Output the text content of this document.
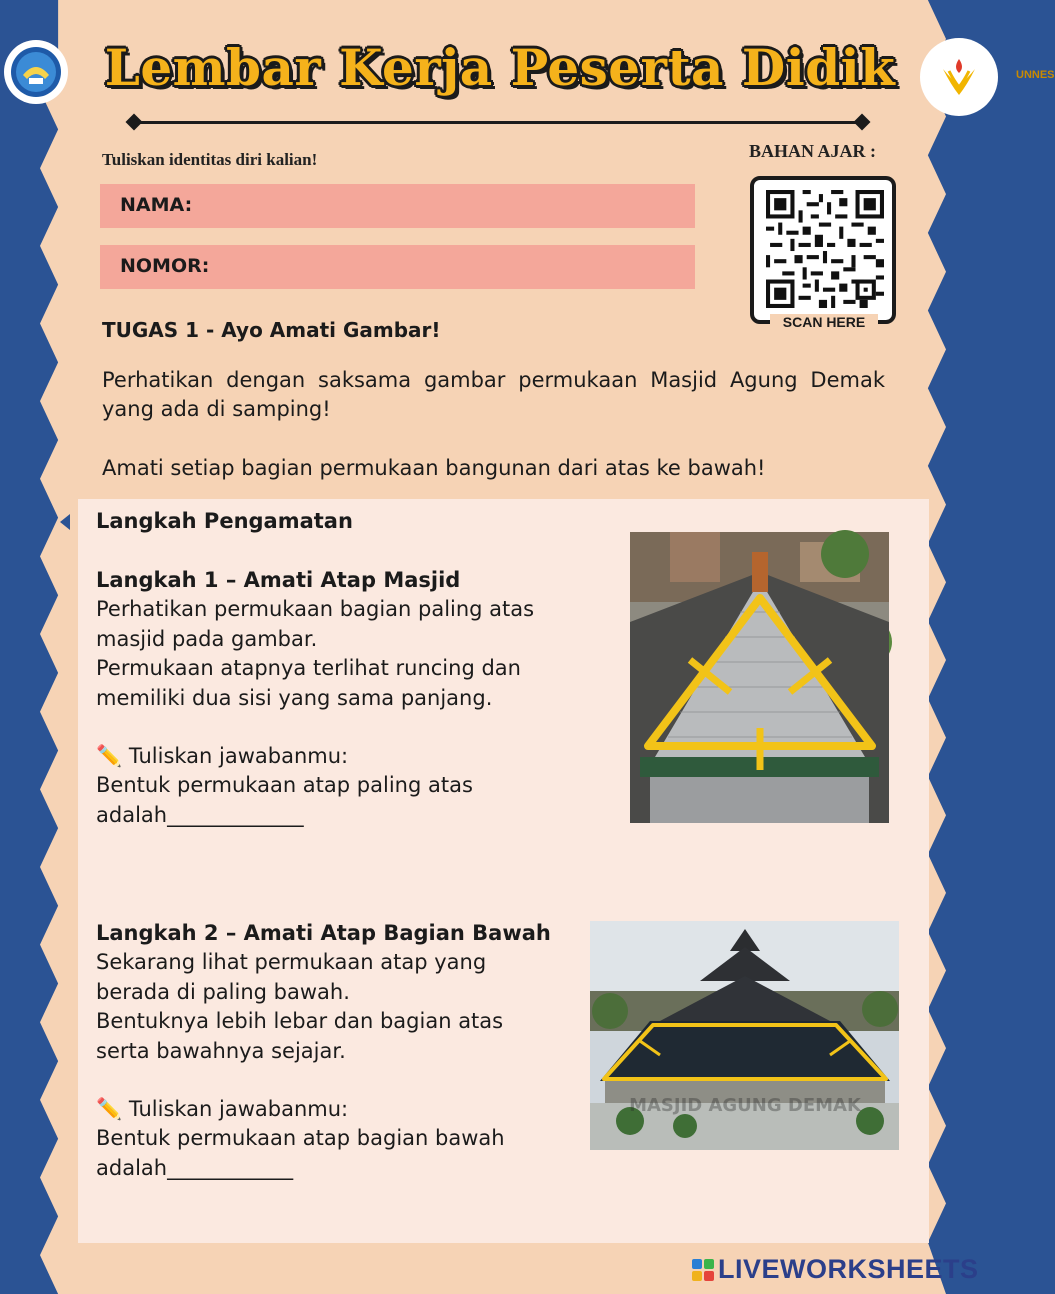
UNNES
Lembar Kerja Peserta Didik
Tuliskan identitas diri kalian!
NAMA:
NOMOR:
BAHAN AJAR :
SCAN HERE
TUGAS 1 - Ayo Amati Gambar!
Perhatikan dengan saksama gambar permukaan Masjid Agung Demak yang ada di samping!
Amati setiap bagian permukaan bangunan dari atas ke bawah!
Langkah Pengamatan
Langkah 1 – Amati Atap Masjid
Perhatikan permukaan bagian paling atas
masjid pada gambar.
Permukaan atapnya terlihat runcing dan
memiliki dua sisi yang sama panjang.
✏️ Tuliskan jawabanmu:
Bentuk permukaan atap paling atas
adalah_____________
Langkah 2 – Amati Atap Bagian Bawah
Sekarang lihat permukaan atap yang
berada di paling bawah.
Bentuknya lebih lebar dan bagian atas
serta bawahnya sejajar.
✏️ Tuliskan jawabanmu:
Bentuk permukaan atap bagian bawah
adalah____________
MASJID AGUNG DEMAK
LIVEWORKSHEETS
